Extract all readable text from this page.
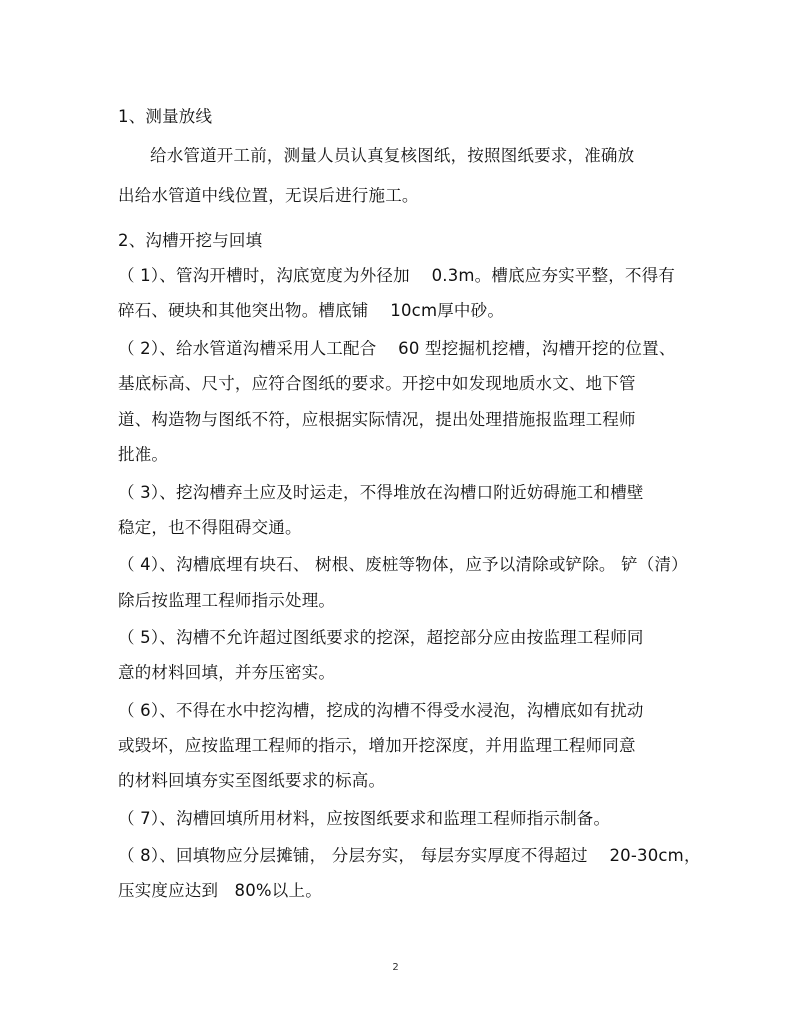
1、测量放线
给水管道开工前，测量人员认真复核图纸，按照图纸要求，准确放
出给水管道中线位置，无误后进行施工。
2、沟槽开挖与回填
（ 1）、管沟开槽时，沟底宽度为外径加    0.3m。槽底应夯实平整，不得有
碎石、硬块和其他突出物。槽底铺    10cm厚中砂。
（ 2）、给水管道沟槽采用人工配合    60 型挖掘机挖槽，沟槽开挖的位置、
基底标高、尺寸，应符合图纸的要求。开挖中如发现地质水文、地下管
道、构造物与图纸不符，应根据实际情况，提出处理措施报监理工程师
批准。
（ 3）、挖沟槽弃土应及时运走，不得堆放在沟槽口附近妨碍施工和槽壁
稳定，也不得阻碍交通。
（ 4）、沟槽底埋有块石、 树根、废桩等物体，应予以清除或铲除。 铲（清）
除后按监理工程师指示处理。
（ 5）、沟槽不允许超过图纸要求的挖深，超挖部分应由按监理工程师同
意的材料回填，并夯压密实。
（ 6）、不得在水中挖沟槽，挖成的沟槽不得受水浸泡，沟槽底如有扰动
或毁坏，应按监理工程师的指示，增加开挖深度，并用监理工程师同意
的材料回填夯实至图纸要求的标高。
（ 7）、沟槽回填所用材料，应按图纸要求和监理工程师指示制备。
（ 8）、回填物应分层摊铺， 分层夯实， 每层夯实厚度不得超过    20-30cm，
压实度应达到   80%以上。
2
